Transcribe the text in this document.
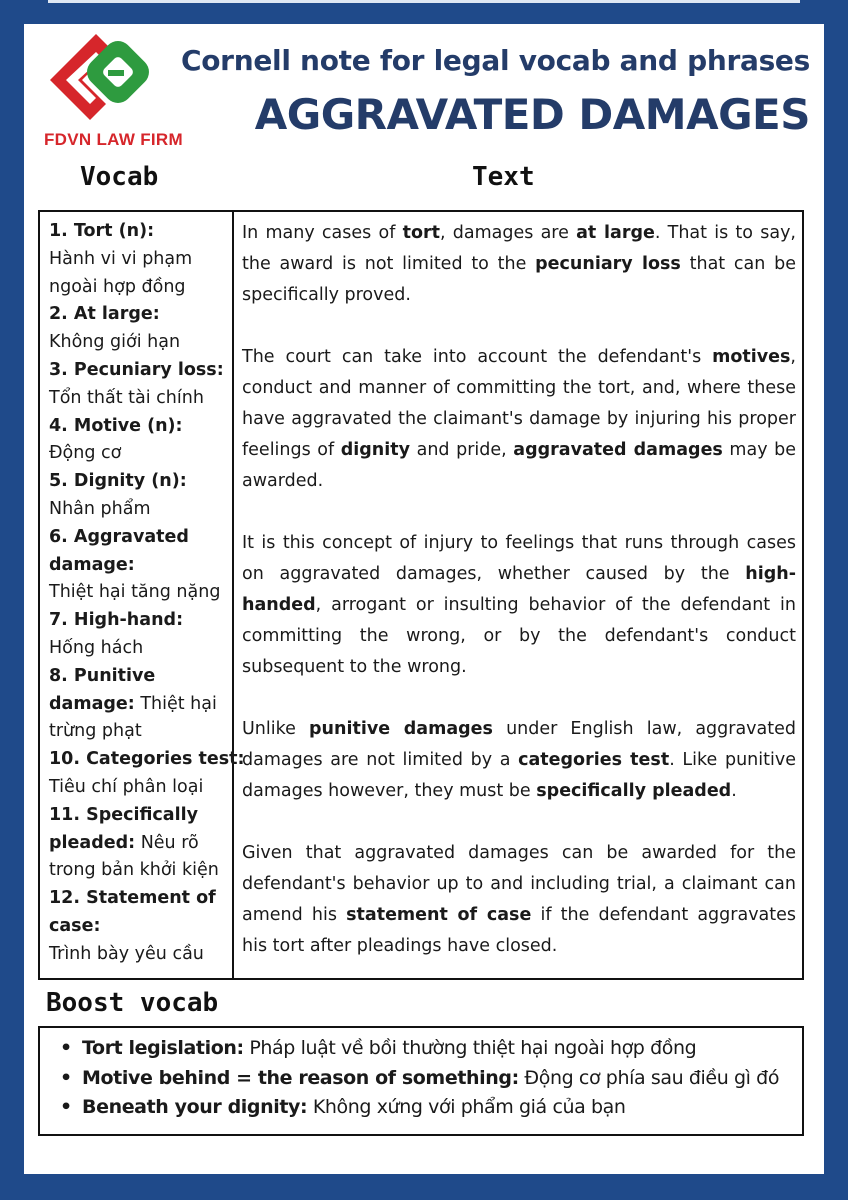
FDVN LAW FIRM
Cornell note for legal vocab and phrases
AGGRAVATED DAMAGES
Vocab	Text
1. Tort (n):
Hành vi vi phạm
ngoài hợp đồng
2. At large:
Không giới hạn
3. Pecuniary loss:
Tổn thất tài chính
4. Motive (n):
Động cơ
5. Dignity (n):
Nhân phẩm
6. Aggravated
damage:
Thiệt hại tăng nặng
7. High-hand:
Hống hách
8. Punitive
damage: Thiệt hại
trừng phạt
10. Categories test:
Tiêu chí phân loại
11. Specifically
pleaded: Nêu rõ
trong bản khởi kiện
12. Statement of
case:
Trình bày yêu cầu

In many cases of tort, damages are at large. That is to say, the award is not limited to the pecuniary loss that can be specifically proved.

The court can take into account the defendant's motives, conduct and manner of committing the tort, and, where these have aggravated the claimant's damage by injuring his proper feelings of dignity and pride, aggravated damages may be awarded.

It is this concept of injury to feelings that runs through cases on aggravated damages, whether caused by the high-handed, arrogant or insulting behavior of the defendant in committing the wrong, or by the defendant's conduct subsequent to the wrong.

Unlike punitive damages under English law, aggravated damages are not limited by a categories test. Like punitive damages however, they must be specifically pleaded.

Given that aggravated damages can be awarded for the defendant's behavior up to and including trial, a claimant can amend his statement of case if the defendant aggravates his tort after pleadings have closed.

Boost vocab
• Tort legislation: Pháp luật về bồi thường thiệt hại ngoài hợp đồng
• Motive behind = the reason of something: Động cơ phía sau điều gì đó
• Beneath your dignity: Không xứng với phẩm giá của bạn
